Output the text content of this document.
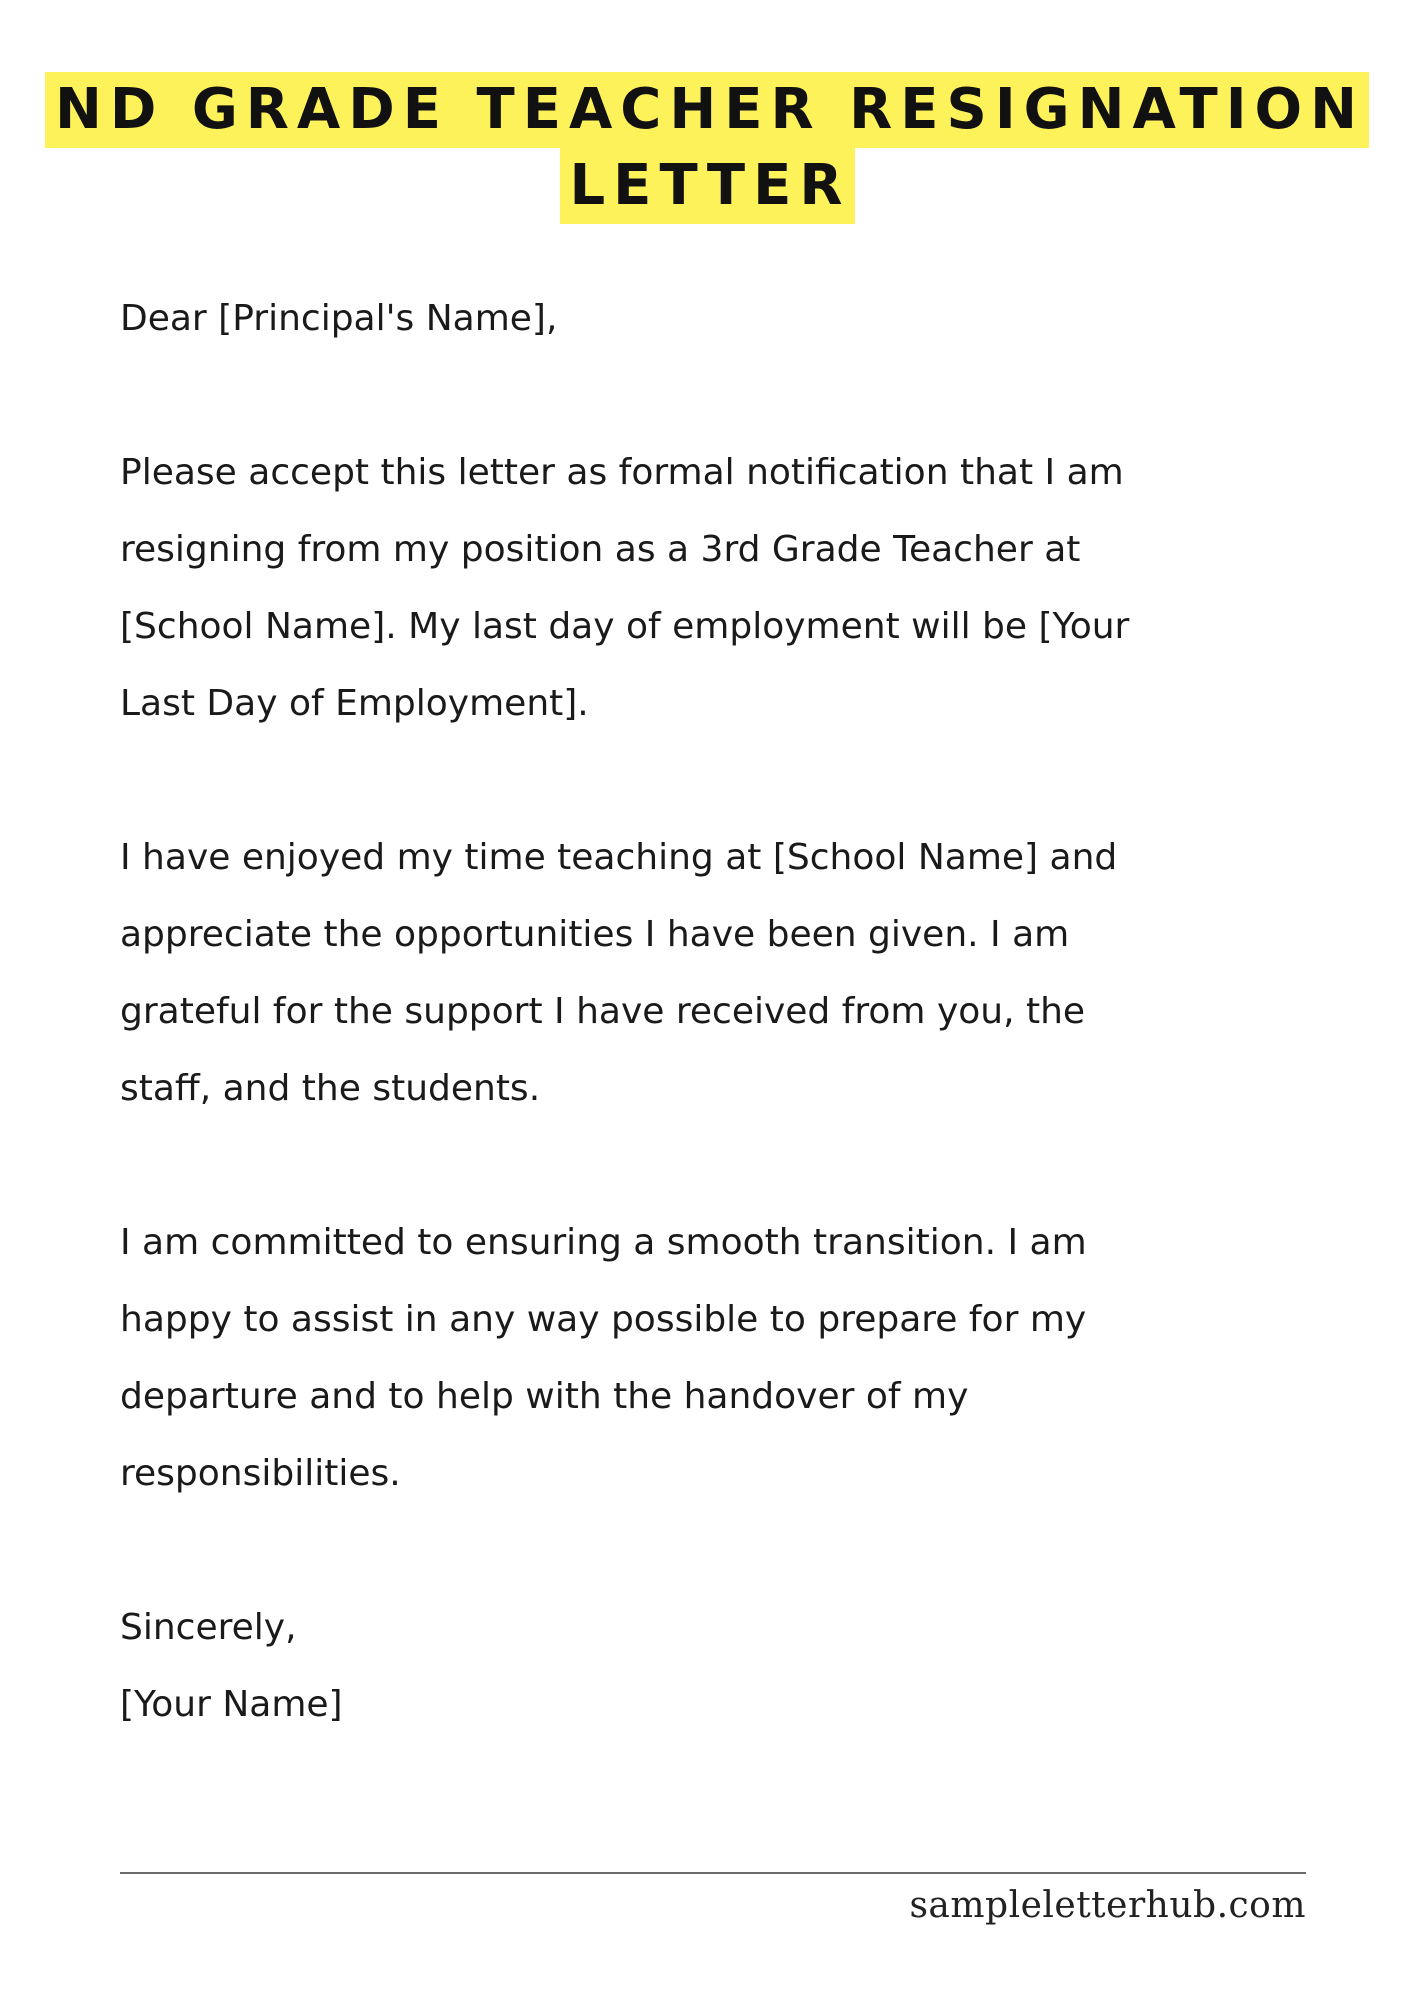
ND GRADE TEACHER RESIGNATION
LETTER
Dear [Principal's Name],
Please accept this letter as formal notification that I am
resigning from my position as a 3rd Grade Teacher at
[School Name]. My last day of employment will be [Your
Last Day of Employment].
I have enjoyed my time teaching at [School Name] and
appreciate the opportunities I have been given. I am
grateful for the support I have received from you, the
staff, and the students.
I am committed to ensuring a smooth transition. I am
happy to assist in any way possible to prepare for my
departure and to help with the handover of my
responsibilities.
Sincerely,
[Your Name]
sampleletterhub.com
